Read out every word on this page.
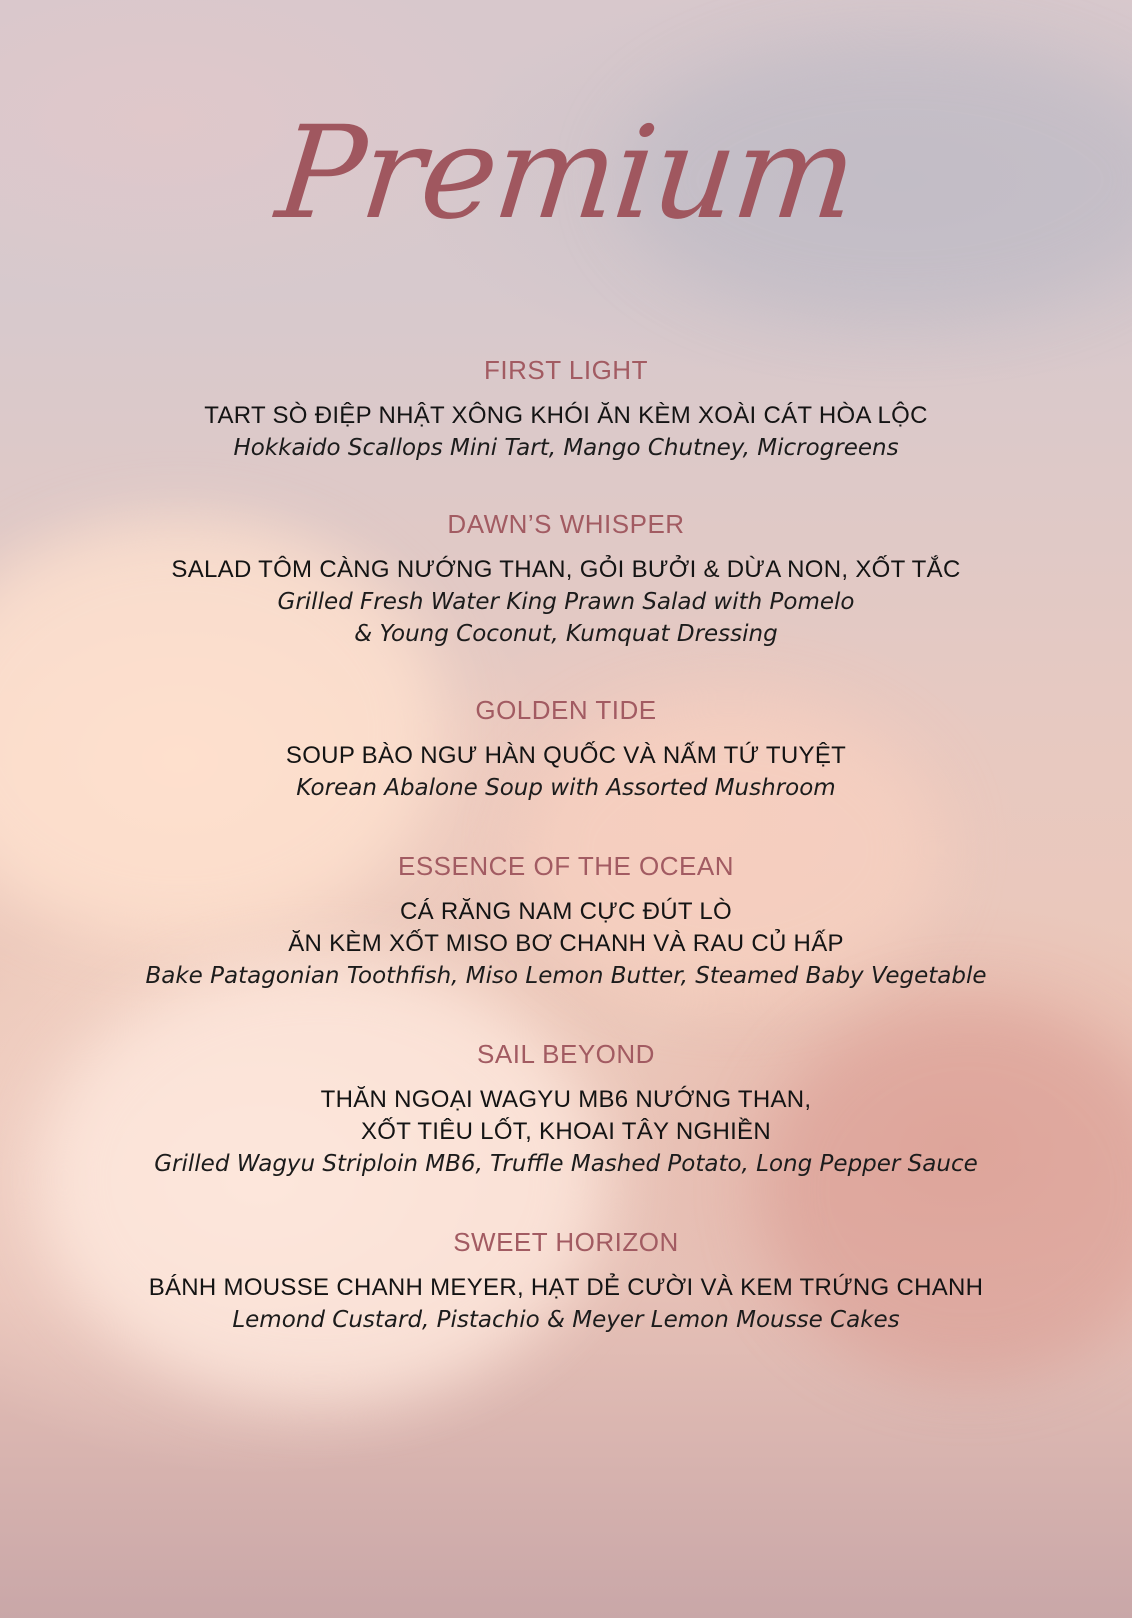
Premium
FIRST LIGHT
TART SÒ ĐIỆP NHẬT XÔNG KHÓI ĂN KÈM XOÀI CÁT HÒA LỘC
Hokkaido Scallops Mini Tart, Mango Chutney, Microgreens
DAWN’S WHISPER
SALAD TÔM CÀNG NƯỚNG THAN, GỎI BƯỞI & DỪA NON, XỐT TẮC
Grilled Fresh Water King Prawn Salad with Pomelo
& Young Coconut, Kumquat Dressing
GOLDEN TIDE
SOUP BÀO NGƯ HÀN QUỐC VÀ NẤM TỨ TUYỆT
Korean Abalone Soup with Assorted Mushroom
ESSENCE OF THE OCEAN
CÁ RĂNG NAM CỰC ĐÚT LÒ
ĂN KÈM XỐT MISO BƠ CHANH VÀ RAU CỦ HẤP
Bake Patagonian Toothfish, Miso Lemon Butter, Steamed Baby Vegetable
SAIL BEYOND
THĂN NGOẠI WAGYU MB6 NƯỚNG THAN,
XỐT TIÊU LỐT, KHOAI TÂY NGHIỀN
Grilled Wagyu Striploin MB6, Truffle Mashed Potato, Long Pepper Sauce
SWEET HORIZON
BÁNH MOUSSE CHANH MEYER, HẠT DẺ CƯỜI VÀ KEM TRỨNG CHANH
Lemond Custard, Pistachio & Meyer Lemon Mousse Cakes
